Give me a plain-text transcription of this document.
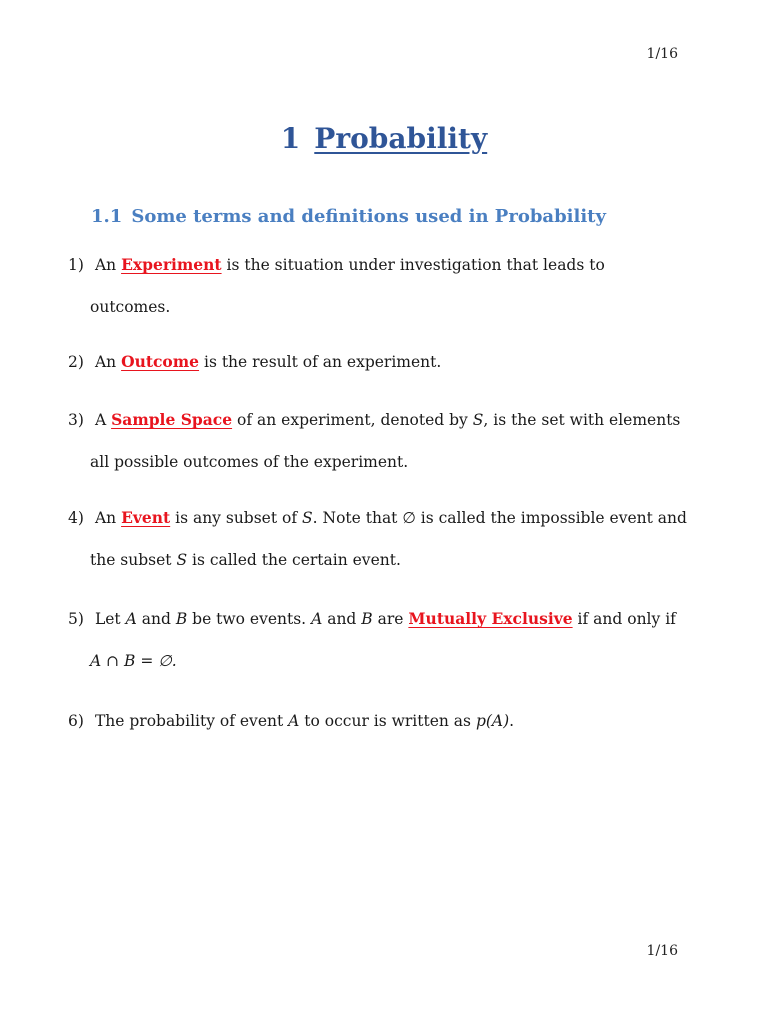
1/16
1 Probability
1.1 Some terms and definitions used in Probability
1) An Experiment is the situation under investigation that leads to
outcomes.
2) An Outcome is the result of an experiment.
3) A Sample Space of an experiment, denoted by S, is the set with elements
all possible outcomes of the experiment.
4) An Event is any subset of S. Note that ∅ is called the impossible event and
the subset S is called the certain event.
5) Let A and B be two events. A and B are Mutually Exclusive if and only if
A ∩ B = ∅.
6) The probability of event A to occur is written as p(A).
1/16
